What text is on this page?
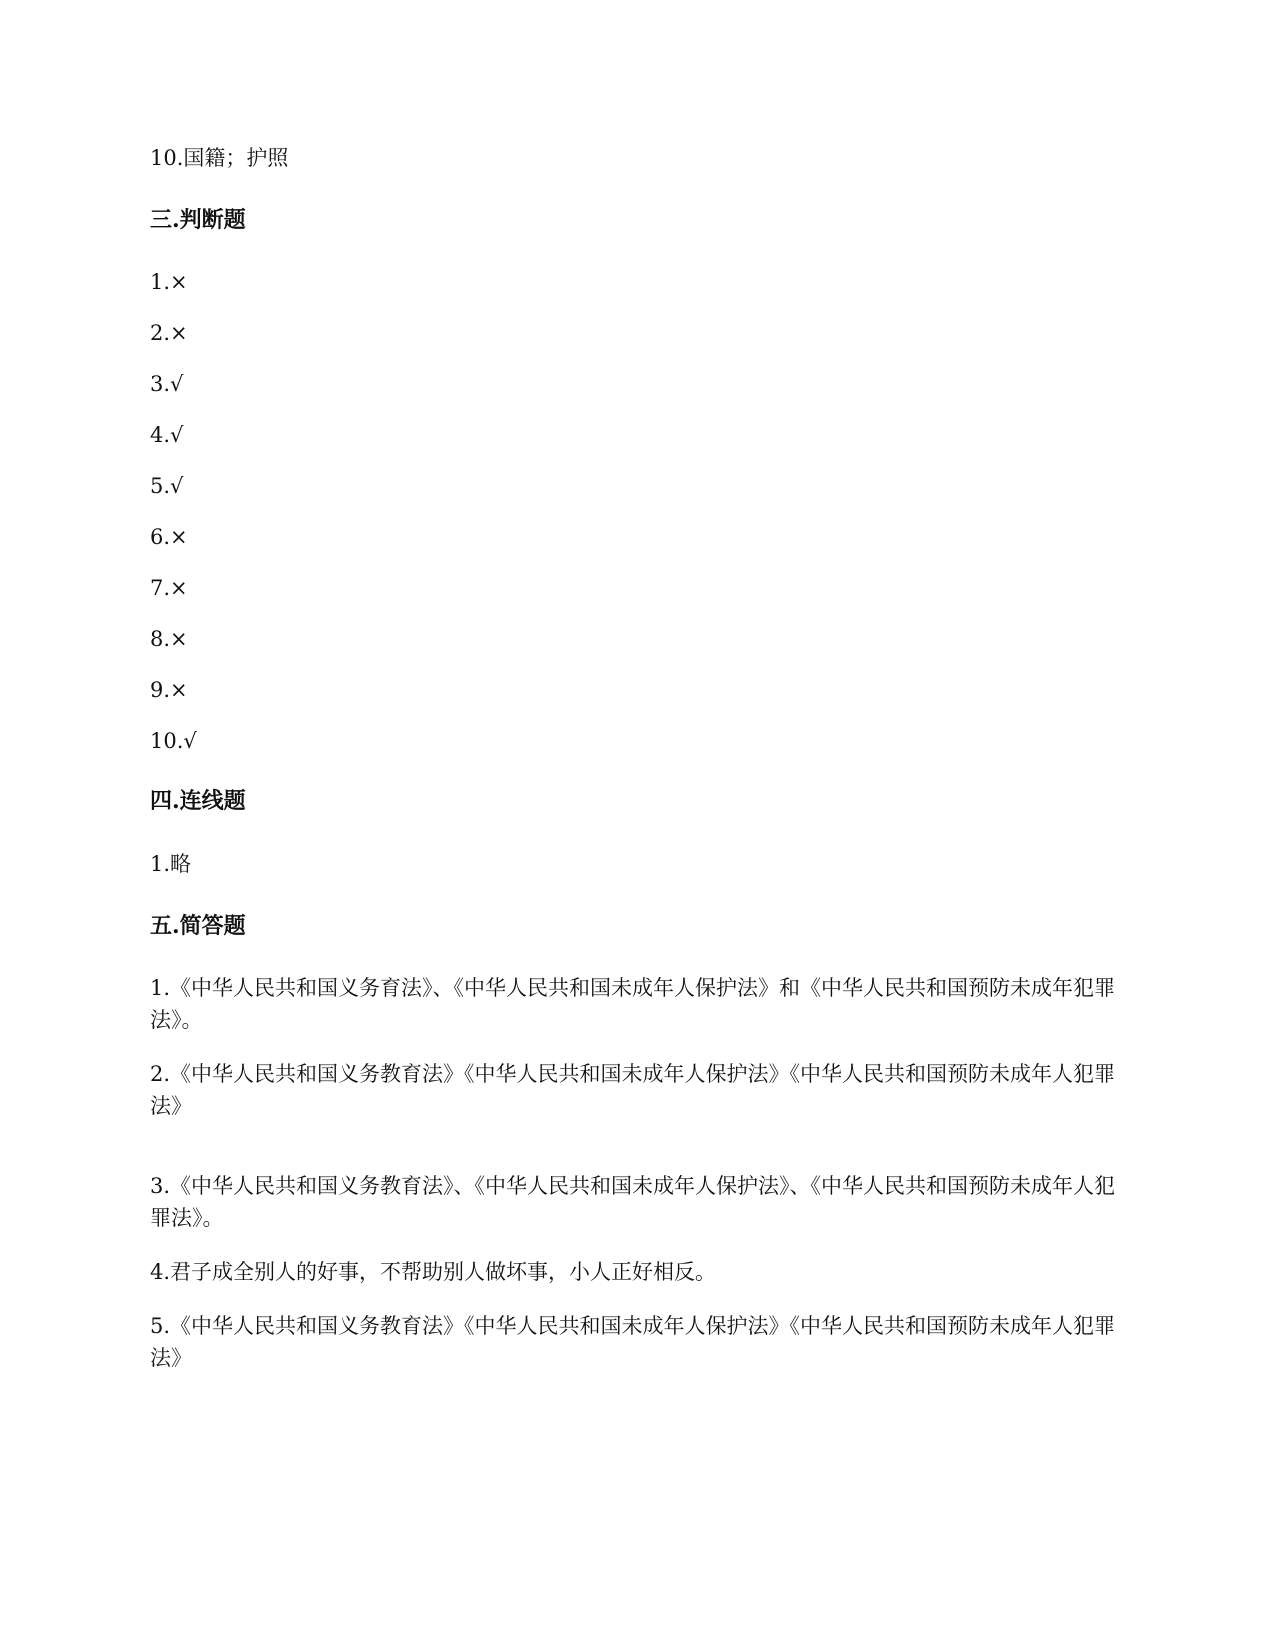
10.国籍；护照
三.判断题
1.×
2.×
3.√
4.√
5.√
6.×
7.×
8.×
9.×
10.√
四.连线题
1.略
五.简答题
1.《中华人民共和国义务育法》、《中华人民共和国未成年人保护法》和《中华人民共和国预防未成年犯罪法》。
2.《中华人民共和国义务教育法》《中华人民共和国未成年人保护法》《中华人民共和国预防未成年人犯罪法》
3.《中华人民共和国义务教育法》、《中华人民共和国未成年人保护法》、《中华人民共和国预防未成年人犯罪法》。
4.君子成全别人的好事，不帮助别人做坏事，小人正好相反。
5.《中华人民共和国义务教育法》《中华人民共和国未成年人保护法》《中华人民共和国预防未成年人犯罪法》
